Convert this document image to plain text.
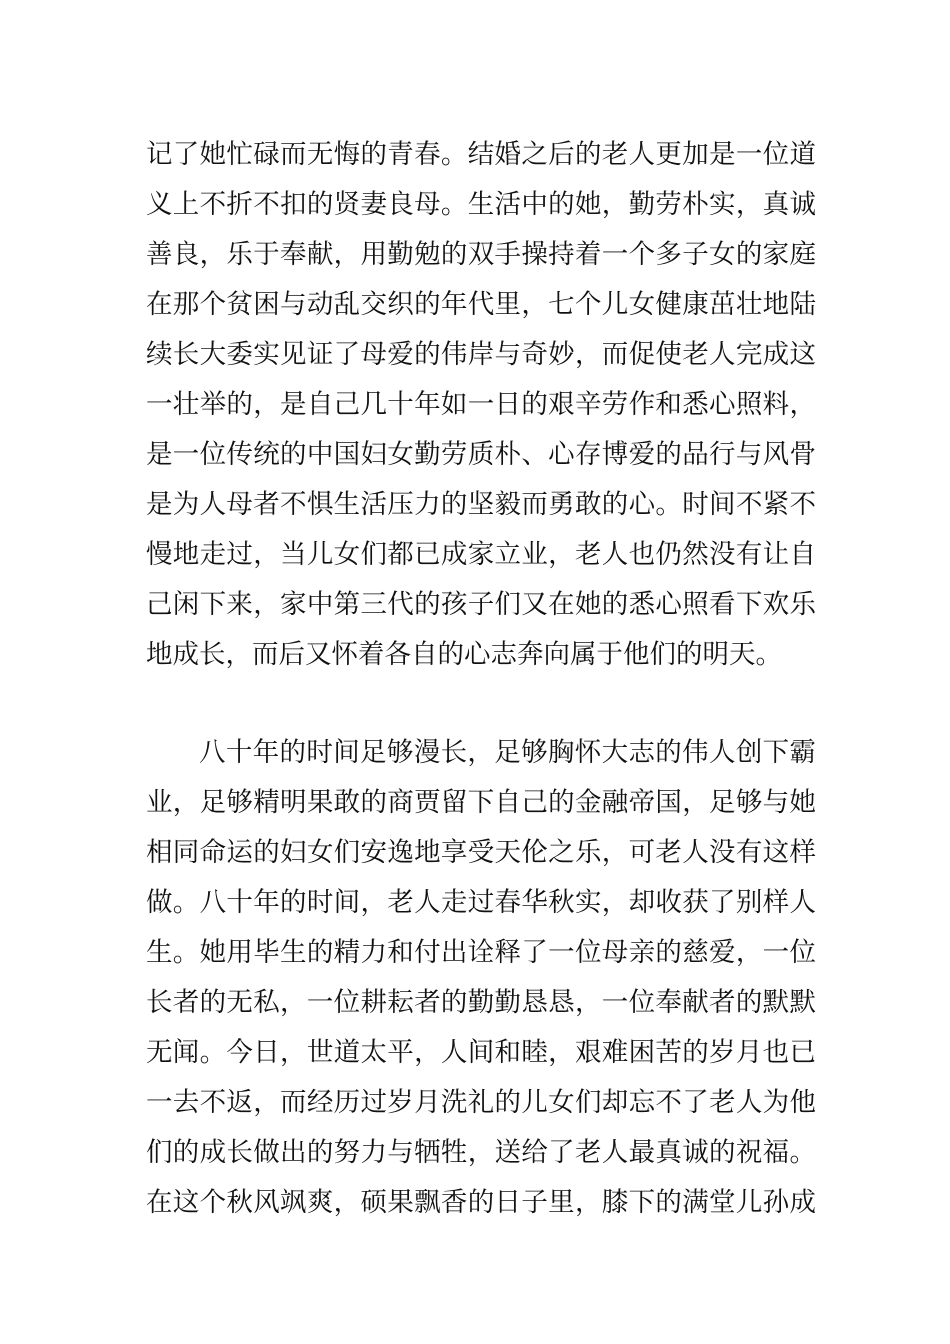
记了她忙碌而无悔的青春。结婚之后的老人更加是一位道
义上不折不扣的贤妻良母。生活中的她，勤劳朴实，真诚
善良，乐于奉献，用勤勉的双手操持着一个多子女的家庭
在那个贫困与动乱交织的年代里，七个儿女健康茁壮地陆
续长大委实见证了母爱的伟岸与奇妙，而促使老人完成这
一壮举的，是自己几十年如一日的艰辛劳作和悉心照料，
是一位传统的中国妇女勤劳质朴、心存博爱的品行与风骨
是为人母者不惧生活压力的坚毅而勇敢的心。时间不紧不
慢地走过，当儿女们都已成家立业，老人也仍然没有让自
己闲下来，家中第三代的孩子们又在她的悉心照看下欢乐
地成长，而后又怀着各自的心志奔向属于他们的明天。
八十年的时间足够漫长，足够胸怀大志的伟人创下霸
业，足够精明果敢的商贾留下自己的金融帝国，足够与她
相同命运的妇女们安逸地享受天伦之乐，可老人没有这样
做。八十年的时间，老人走过春华秋实，却收获了别样人
生。她用毕生的精力和付出诠释了一位母亲的慈爱，一位
长者的无私，一位耕耘者的勤勤恳恳，一位奉献者的默默
无闻。今日，世道太平，人间和睦，艰难困苦的岁月也已
一去不返，而经历过岁月洗礼的儿女们却忘不了老人为他
们的成长做出的努力与牺牲，送给了老人最真诚的祝福。
在这个秋风飒爽，硕果飘香的日子里，膝下的满堂儿孙成
